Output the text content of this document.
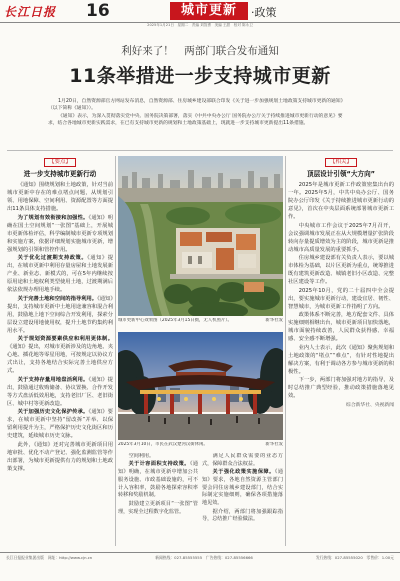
长江日报 16	城市更新	·政策
2025年1月21日　星期二　责编 刘智勇　美编 王甜　校对 陈永卫
利好来了！　两部门联合发布通知
11条举措进一步支持城市更新

1月20日，自然资源部官方网站发布消息，自然资源部、住房城乡建设部联合印发《关于进一步加强规划土地政策支持城市更新的通知》（以下简称《通知》）。

《通知》表示，为深入贯彻落实党中央、国务院决策部署，落实《中共中央办公厅 国务院办公厅关于持续推进城市更新行动的意见》要求，结合各地城市更新实践需求，在已有支持城市更新的规划和土地政策基础上，现就进一步支持城市更新提出11条措施。

【要点】
进一步支持城市更新行动

《通知》围绕规划和土地政策，针对当前城市更新中存在的难点堵点问题，从规划引领、用地保障、空间利用、资源配置等方面提出11条具体支持措施。

为了规划有效衔接和加强性。《通知》明确在国土空间规划“一张图”基础上，开展城市更新体检评估，科学编制城市更新专项规划和实施方案，依据详细规划实施城市更新，增强规划的引领和管控作用。

关于优化过渡期支持政策。《通知》提出，在城市更新中利用存量房屋和土地发展新产业、新业态、新模式的，可在5年内继续按原用途和土地权利类型使用土地，过渡期满后依法依规办理用地手续。

关于完善土地和空间的指导利用。《通知》提出，支持城市更新中土地用途兼容和混合利用，鼓励地上地下空间综合开发利用，探索分层设立建设用地使用权，提升土地节约集约利用水平。

关于规划资源要素供应和利用更体制。《通知》提出，对城市更新涉及的边角地、夹心地、插花地等零星用地，可按规定以协议方式出让，支持各地结合实际完善土地供应方式。

关于支持存量用地盘活利用。《通知》提出，鼓励通过收购储备、协议置换、合作开发等方式盘活低效用地，支持老旧厂区、老旧街区、城中村等更新改造。

关于加强历史文化保护传承。《通知》要求，在城市更新中坚持“留改拆”并举、以保留利用提升为主，严格保护历史文化街区和历史建筑，延续城市历史文脉。

此外，《通知》还对完善城市更新项目用地审批、优化不动产登记、强化监测监管等作出部署，为城市更新提供有力的规划和土地政策支撑。

城市更新中心效果图（2025年3月15日摄，无人机照片）。	新华社发
2025年3月10日，市民在武汉楚河汉街休闲。	新华社发

空间利用。

关于计容面积支持政策。《通知》明确，在城市更新中增加公共服务设施、市政基础设施的，可不计入容积率，鼓励各地探索容积率转移和奖励机制。

鼓励建立更新项目“一张图”管理，实现全过程数字化监管。

满足人民群众需要的业态方式，保障群众合法权益。

关于强化政策实施保障。《通知》要求，各地自然资源主管部门要会同住房城乡建设部门，结合实际制定实施细则，确保各项措施落地见效。

据介绍，两部门将加强跟踪指导，总结推广经验做法。

【相关】
顶层设计引领“大方向”

2025年是城市更新工作政策密集出台的一年。2025年5月，中共中央办公厅、国务院办公厅印发《关于持续推进城市更新行动的意见》，首次在中央层面系统部署城市更新工作。

中央城市工作会议于2025年7月召开，会议强调城市发展正在从大规模增量扩张阶段转向存量提质增效为主的阶段，城市更新是推动城市高质量发展的重要抓手。

住房城乡建设部有关负责人表示，要以城市体检为基础，以片区更新为重点，统筹推进既有建筑更新改造、城镇老旧小区改造、完整社区建设等工作。

2025年10月，党的二十届四中全会提出，要实施城市更新行动，建设宜居、韧性、智慧城市，为城市更新工作指明了方向。

政策体系不断完善，地方配套文件、具体实施细则相继出台，城市更新项目加快落地，城市面貌持续改善，人民群众获得感、幸福感、安全感不断增强。

业内人士表示，此次《通知》聚焦规划和土地政策的“堵点”“难点”，有针对性地提出解决方案，有利于调动各方参与城市更新的积极性。

下一步，两部门将加强对地方的指导，及时总结推广典型经验，推动政策措施落地见效。

综合新华社、央视新闻
长江日报报业集团出版　网址：http://www.cjn.cn	新闻热线：027-85555555　广告热线：027-85556666	发行热线：027-85555020　零售价：1.00元
